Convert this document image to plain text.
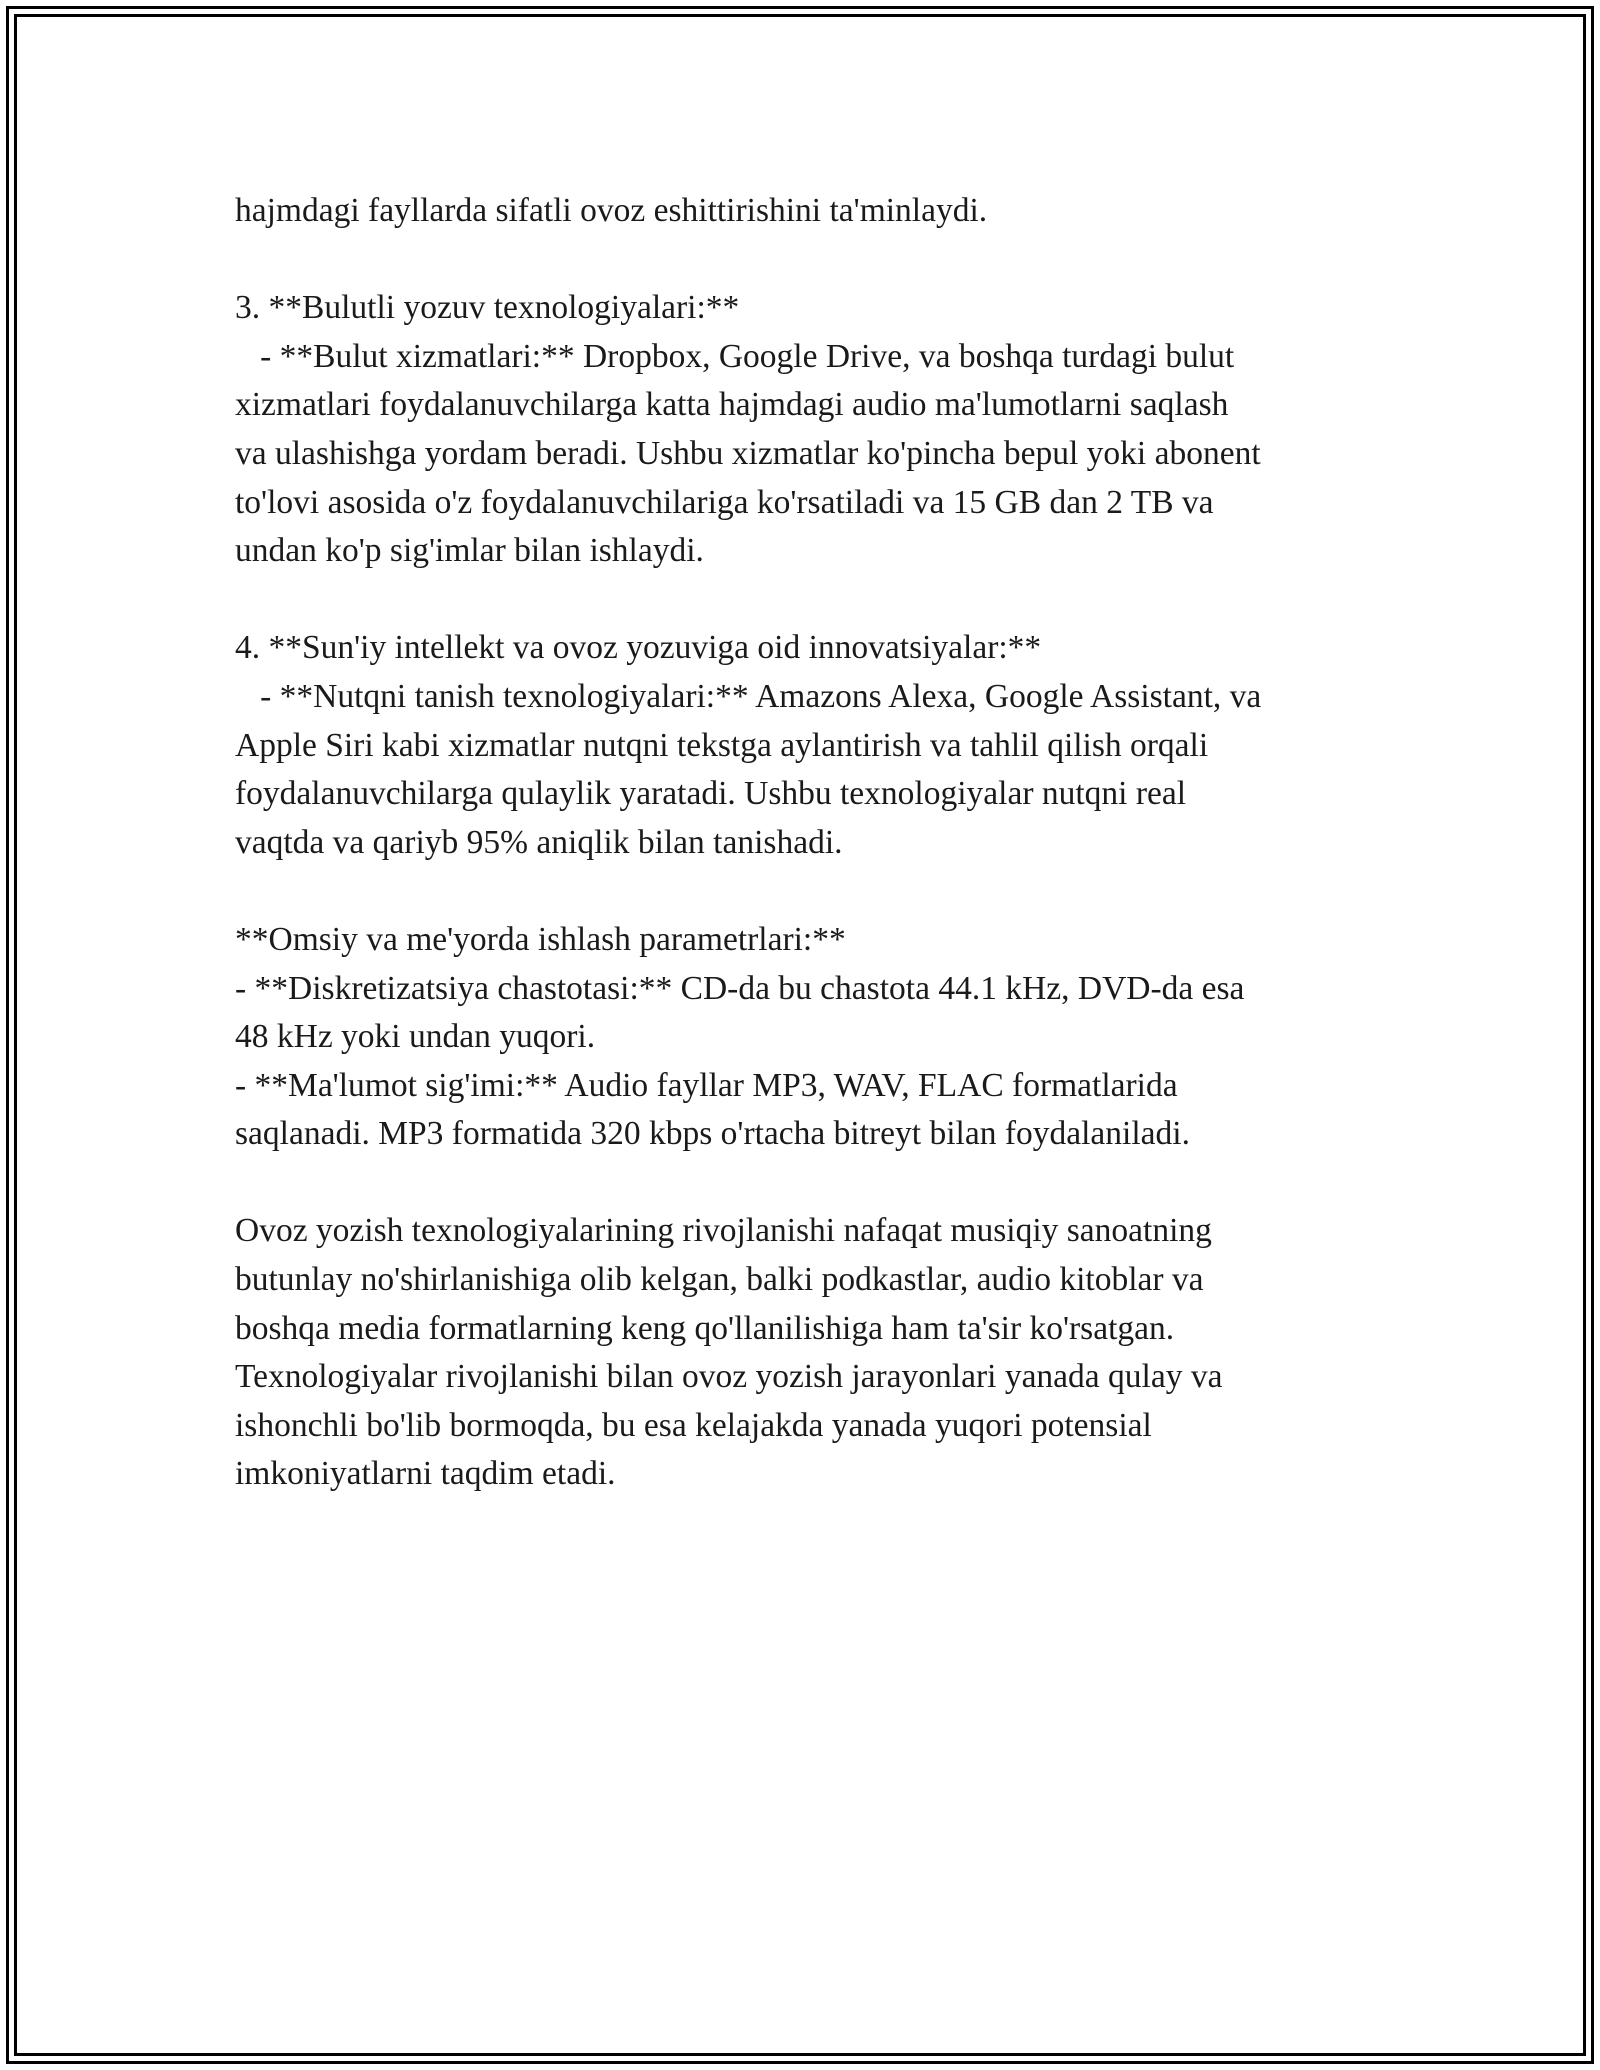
hajmdagi fayllarda sifatli ovoz eshittirishini ta'minlaydi.
3. **Bulutli yozuv texnologiyalari:**
- **Bulut xizmatlari:** Dropbox, Google Drive, va boshqa turdagi bulut
xizmatlari foydalanuvchilarga katta hajmdagi audio ma'lumotlarni saqlash
va ulashishga yordam beradi. Ushbu xizmatlar ko'pincha bepul yoki abonent
to'lovi asosida o'z foydalanuvchilariga ko'rsatiladi va 15 GB dan 2 TB va
undan ko'p sig'imlar bilan ishlaydi.
4. **Sun'iy intellekt va ovoz yozuviga oid innovatsiyalar:**
- **Nutqni tanish texnologiyalari:** Amazons Alexa, Google Assistant, va
Apple Siri kabi xizmatlar nutqni tekstga aylantirish va tahlil qilish orqali
foydalanuvchilarga qulaylik yaratadi. Ushbu texnologiyalar nutqni real
vaqtda va qariyb 95% aniqlik bilan tanishadi.
**Omsiy va me'yorda ishlash parametrlari:**
- **Diskretizatsiya chastotasi:** CD-da bu chastota 44.1 kHz, DVD-da esa
48 kHz yoki undan yuqori.
- **Ma'lumot sig'imi:** Audio fayllar MP3, WAV, FLAC formatlarida
saqlanadi. MP3 formatida 320 kbps o'rtacha bitreyt bilan foydalaniladi.
Ovoz yozish texnologiyalarining rivojlanishi nafaqat musiqiy sanoatning
butunlay no'shirlanishiga olib kelgan, balki podkastlar, audio kitoblar va
boshqa media formatlarning keng qo'llanilishiga ham ta'sir ko'rsatgan.
Texnologiyalar rivojlanishi bilan ovoz yozish jarayonlari yanada qulay va
ishonchli bo'lib bormoqda, bu esa kelajakda yanada yuqori potensial
imkoniyatlarni taqdim etadi.
